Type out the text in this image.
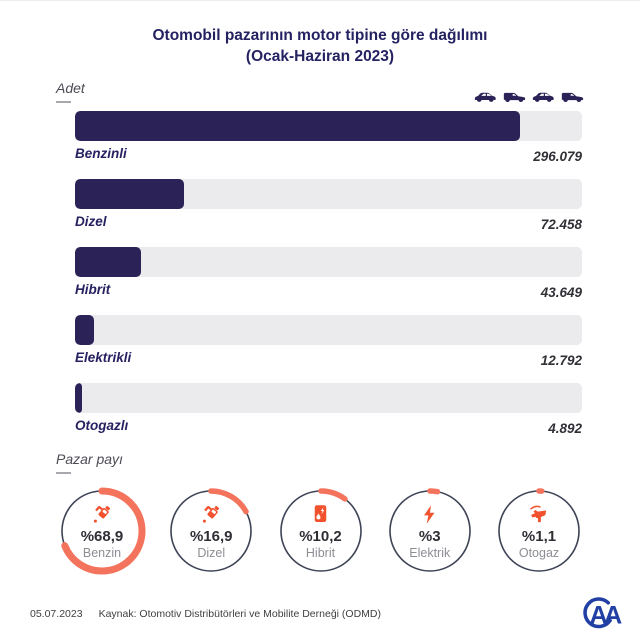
Otomobil pazarının motor tipine göre dağılımı
(Ocak-Haziran 2023)
Adet
Benzinli	296.079
Dizel	72.458
Hibrit	43.649
Elektrikli	12.792
Otogazlı	4.892
Pazar payı
%68,9
Benzin
%16,9
Dizel
%10,2
Hibrit
%3
Elektrik
%1,1
Otogaz
05.07.2023 Kaynak: Otomotiv Distribütörleri ve Mobilite Derneği (ODMD)	A
A
